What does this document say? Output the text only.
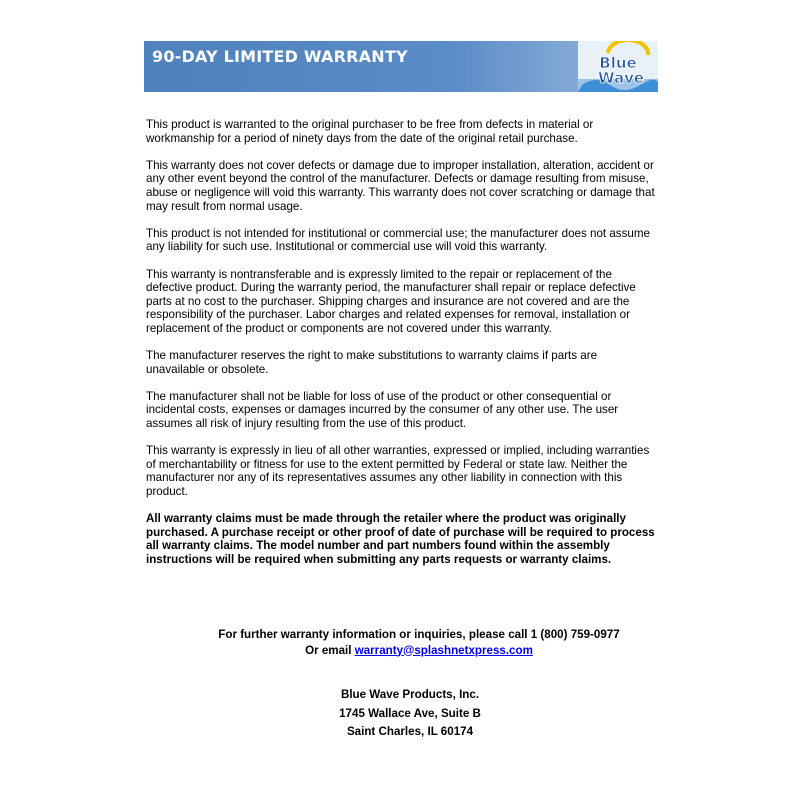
90-DAY LIMITED WARRANTY	Blue
Wave

This product is warranted to the original purchaser to be free from defects in material or workmanship for a period of ninety days from the date of the original retail purchase.

This warranty does not cover defects or damage due to improper installation, alteration, accident or any other event beyond the control of the manufacturer. Defects or damage resulting from misuse, abuse or negligence will void this warranty. This warranty does not cover scratching or damage that may result from normal usage.

This product is not intended for institutional or commercial use; the manufacturer does not assume any liability for such use. Institutional or commercial use will void this warranty.

This warranty is nontransferable and is expressly limited to the repair or replacement of the defective product. During the warranty period, the manufacturer shall repair or replace defective parts at no cost to the purchaser. Shipping charges and insurance are not covered and are the responsibility of the purchaser. Labor charges and related expenses for removal, installation or replacement of the product or components are not covered under this warranty.

The manufacturer reserves the right to make substitutions to warranty claims if parts are unavailable or obsolete.

The manufacturer shall not be liable for loss of use of the product or other consequential or incidental costs, expenses or damages incurred by the consumer of any other use. The user assumes all risk of injury resulting from the use of this product.

This warranty is expressly in lieu of all other warranties, expressed or implied, including warranties of merchantability or fitness for use to the extent permitted by Federal or state law. Neither the manufacturer nor any of its representatives assumes any other liability in connection with this product.

All warranty claims must be made through the retailer where the product was originally purchased. A purchase receipt or other proof of date of purchase will be required to process all warranty claims. The model number and part numbers found within the assembly instructions will be required when submitting any parts requests or warranty claims.

For further warranty information or inquiries, please call 1 (800) 759-0977
Or email warranty@splashnetxpress.com
Blue Wave Products, Inc.
1745 Wallace Ave, Suite B
Saint Charles, IL 60174
